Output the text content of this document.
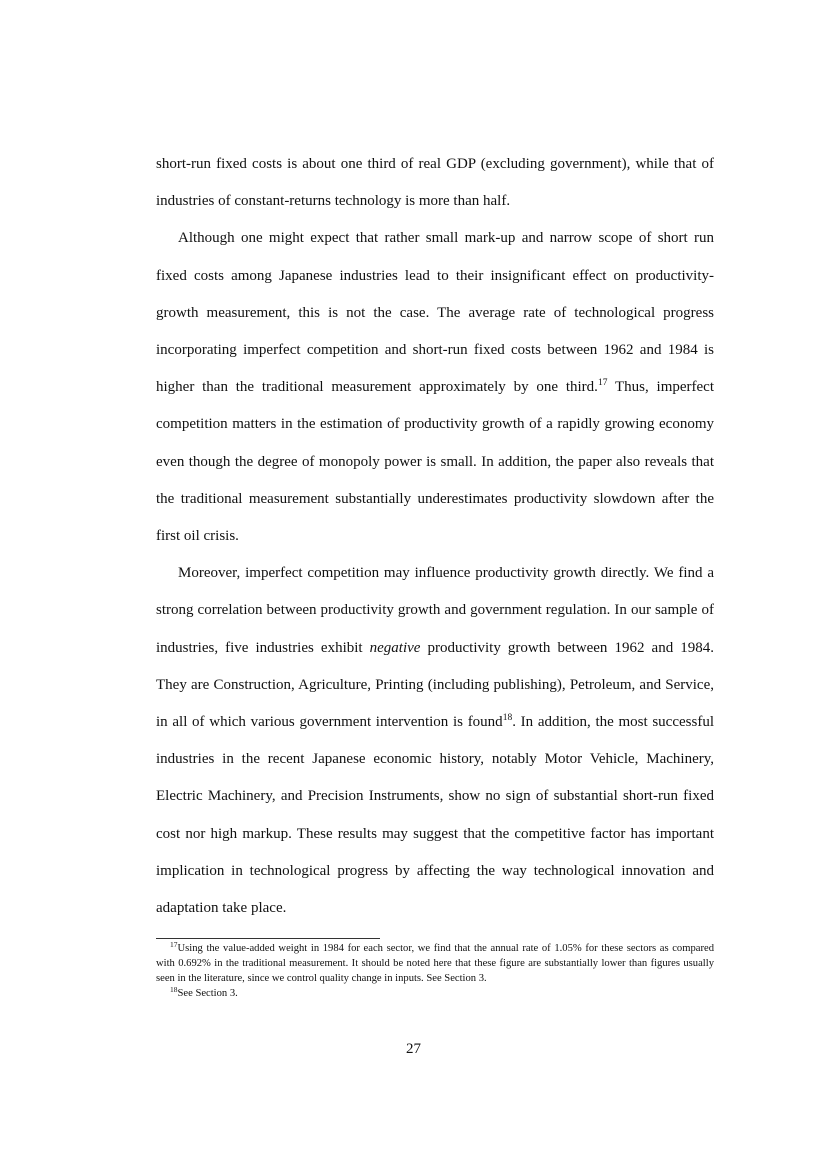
short-run fixed costs is about one third of real GDP (excluding government), while that of industries of constant-returns technology is more than half.

Although one might expect that rather small mark-up and narrow scope of short run fixed costs among Japanese industries lead to their insignificant effect on productivity-growth measurement, this is not the case. The average rate of technological progress incorporating imperfect competition and short-run fixed costs between 1962 and 1984 is higher than the traditional measurement approximately by one third.$^{17}$ Thus, imperfect competition matters in the estimation of productivity growth of a rapidly growing economy even though the degree of monopoly power is small. In addition, the paper also reveals that the traditional measurement substantially underestimates productivity slowdown after the first oil crisis.

Moreover, imperfect competition may influence productivity growth directly. We find a strong correlation between productivity growth and government regulation. In our sample of industries, five industries exhibit negative productivity growth between 1962 and 1984. They are Construction, Agriculture, Printing (including publishing), Petroleum, and Service, in all of which various government intervention is found$^{18}$. In addition, the most successful industries in the recent Japanese economic history, notably Motor Vehicle, Machinery, Electric Machinery, and Precision Instruments, show no sign of substantial short-run fixed cost nor high markup. These results may suggest that the competitive factor has important implication in technological progress by affecting the way technological innovation and adaptation take place.

$^{17}$Using the value-added weight in 1984 for each sector, we find that the annual rate of 1.05% for these sectors as compared with 0.692% in the traditional measurement. It should be noted here that these figure are substantially lower than figures usually seen in the literature, since we control quality change in inputs. See Section 3.

$^{18}$See Section 3.

27
